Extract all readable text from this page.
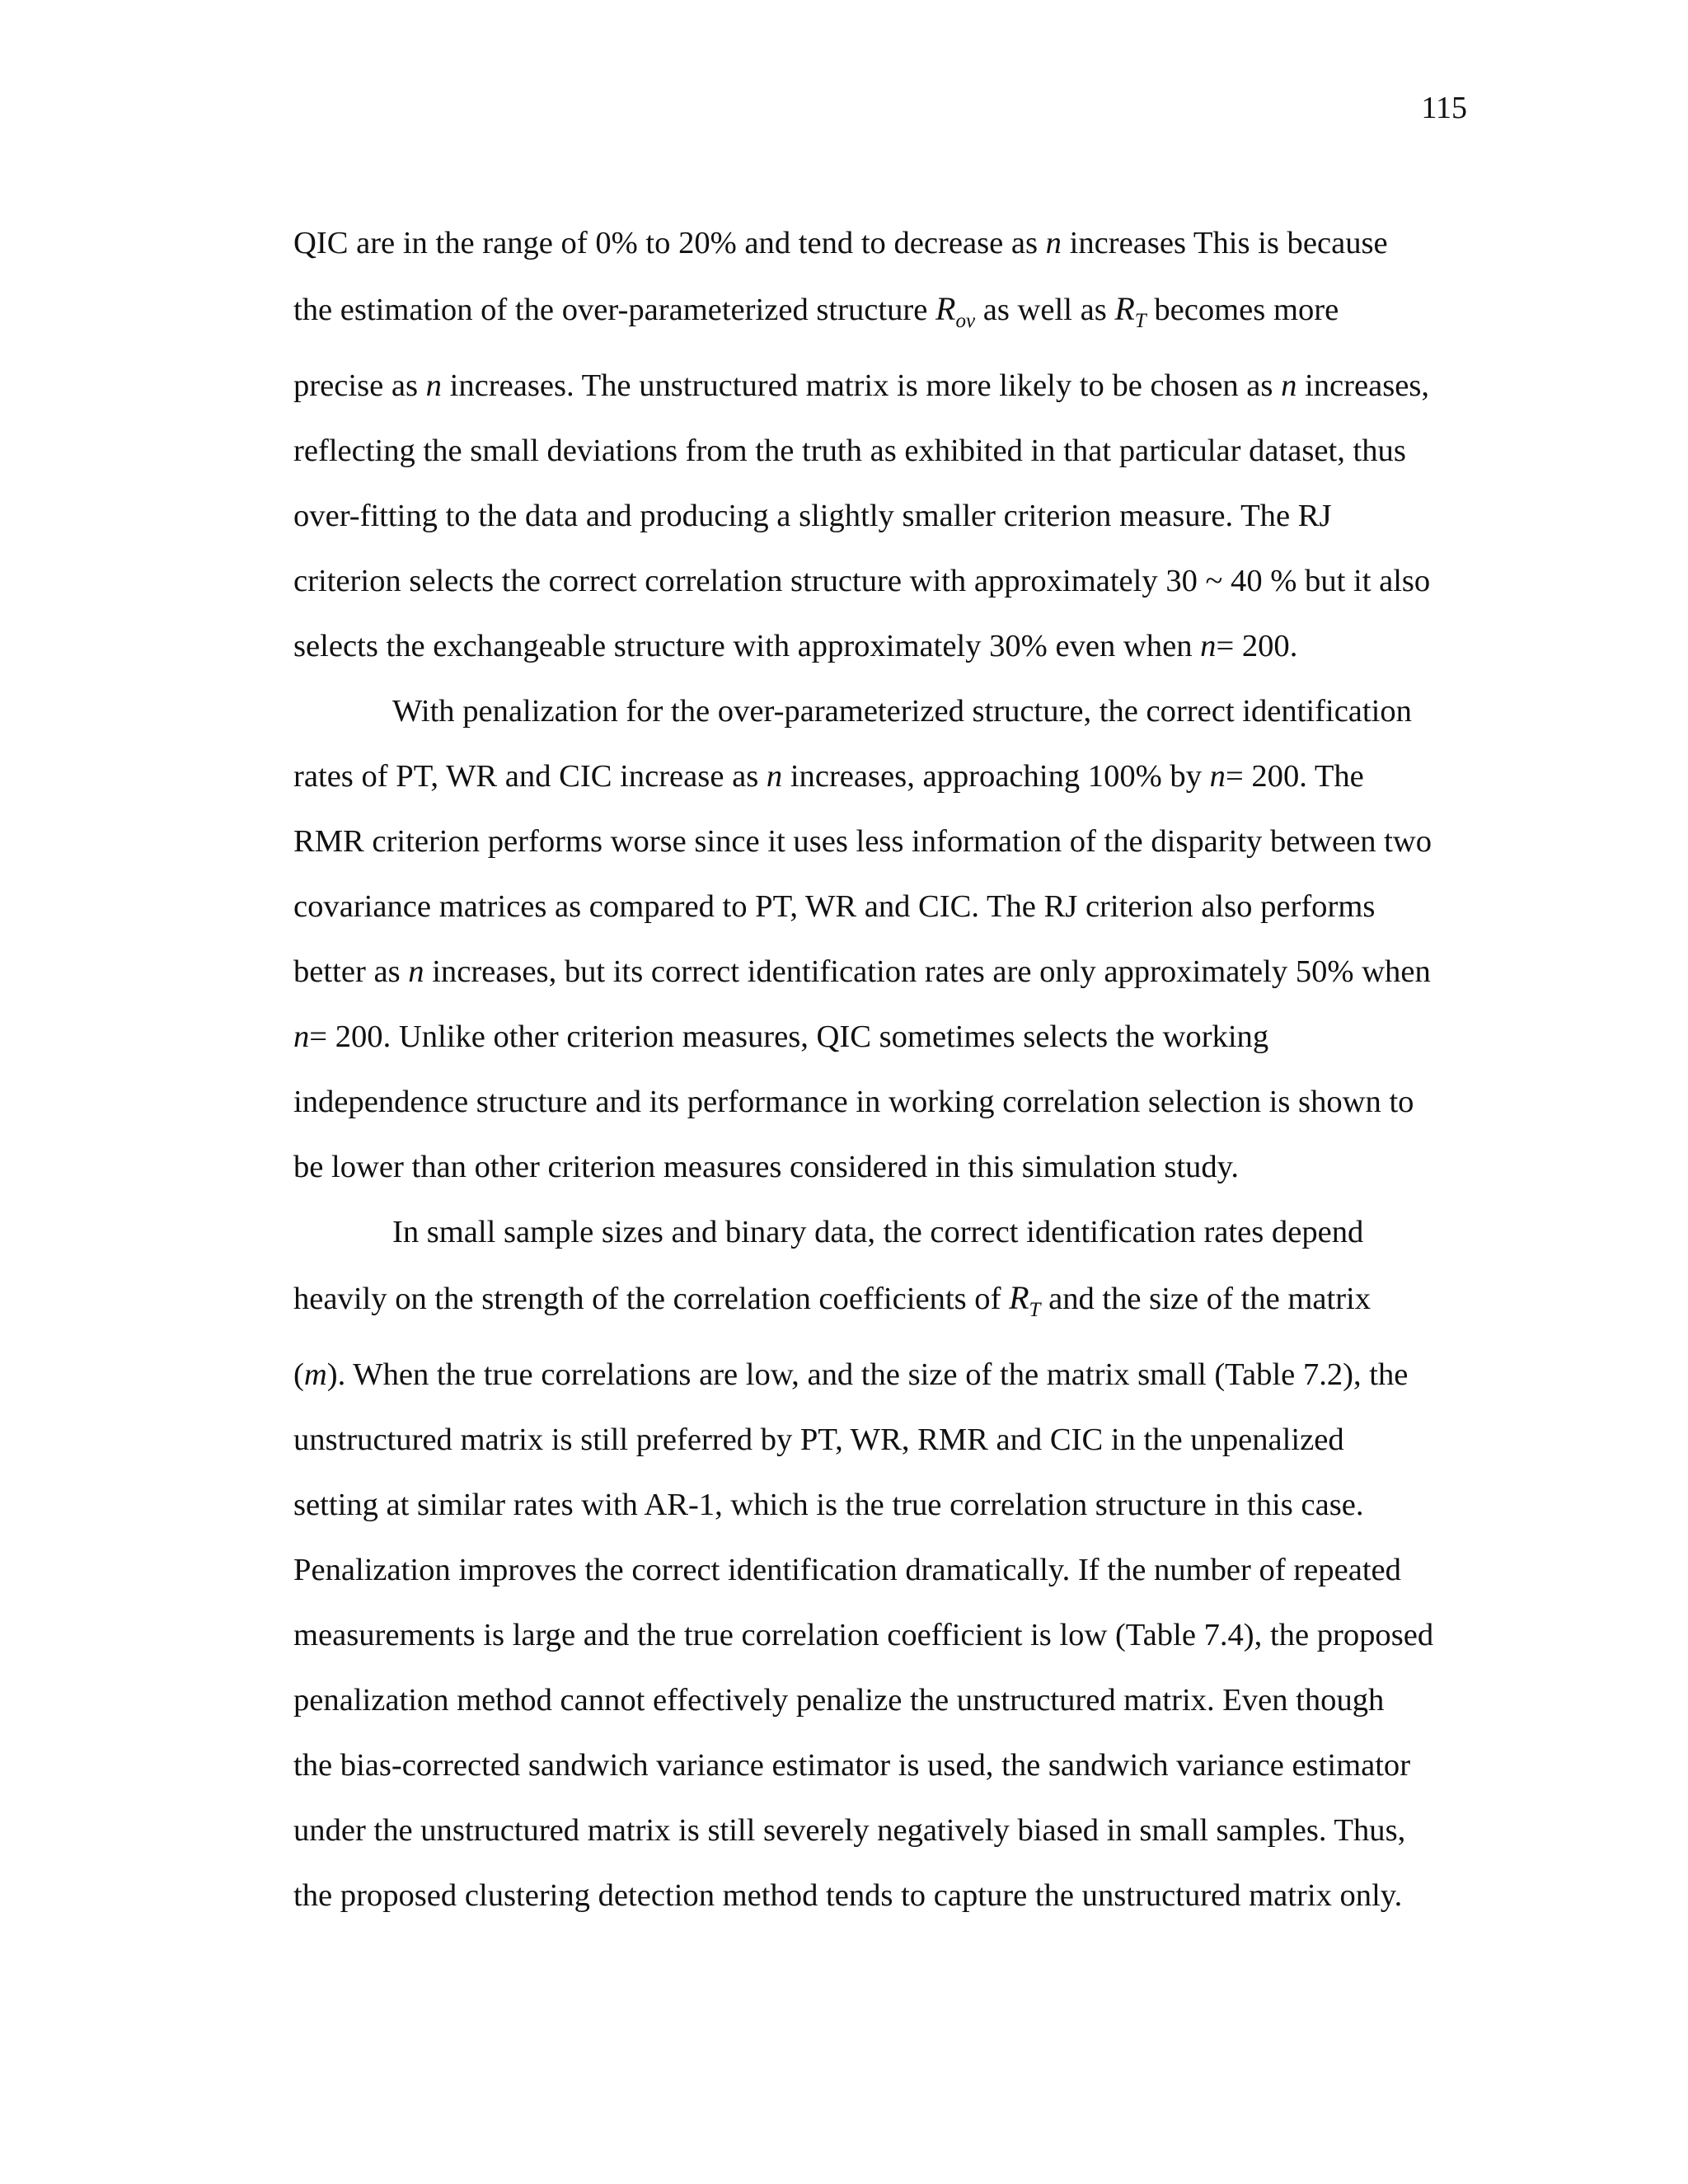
115
QIC are in the range of 0% to 20% and tend to decrease as n increases This is because
the estimation of the over-parameterized structure $R_{ov}$ as well as $R_T$ becomes more
precise as n increases. The unstructured matrix is more likely to be chosen as n increases,
reflecting the small deviations from the truth as exhibited in that particular dataset, thus
over-fitting to the data and producing a slightly smaller criterion measure. The RJ
criterion selects the correct correlation structure with approximately 30 ~ 40 % but it also
selects the exchangeable structure with approximately 30% even when n= 200.
With penalization for the over-parameterized structure, the correct identification
rates of PT, WR and CIC increase as n increases, approaching 100% by n= 200. The
RMR criterion performs worse since it uses less information of the disparity between two
covariance matrices as compared to PT, WR and CIC. The RJ criterion also performs
better as n increases, but its correct identification rates are only approximately 50% when
n= 200. Unlike other criterion measures, QIC sometimes selects the working
independence structure and its performance in working correlation selection is shown to
be lower than other criterion measures considered in this simulation study.
In small sample sizes and binary data, the correct identification rates depend
heavily on the strength of the correlation coefficients of $R_T$ and the size of the matrix
(m). When the true correlations are low, and the size of the matrix small (Table 7.2), the
unstructured matrix is still preferred by PT, WR, RMR and CIC in the unpenalized
setting at similar rates with AR-1, which is the true correlation structure in this case.
Penalization improves the correct identification dramatically. If the number of repeated
measurements is large and the true correlation coefficient is low (Table 7.4), the proposed
penalization method cannot effectively penalize the unstructured matrix. Even though
the bias-corrected sandwich variance estimator is used, the sandwich variance estimator
under the unstructured matrix is still severely negatively biased in small samples. Thus,
the proposed clustering detection method tends to capture the unstructured matrix only.
